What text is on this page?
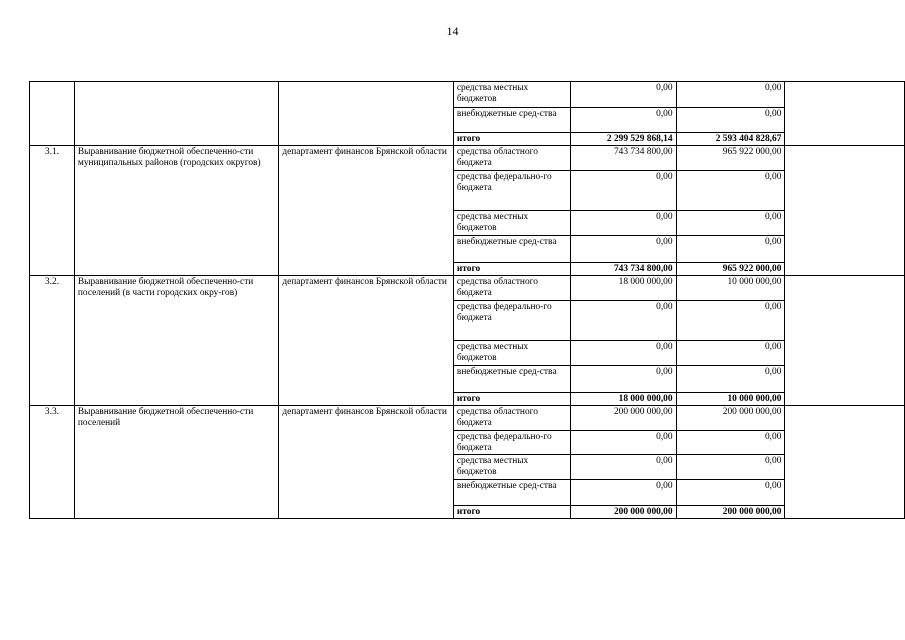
14
			средства местных бюджетов	0,00	0,00	
			внебюджетные сред-ства	0,00	0,00	
			итого	2 299 529 868,14	2 593 404 828,67	
3.1.	Выравнивание бюджетной обеспеченно-сти муниципальных районов (городских округов)	департамент финансов Брянской области	средства областного бюджета	743 734 800,00	965 922 000,00	
			средства федерально-го бюджета	0,00	0,00	
			средства местных бюджетов	0,00	0,00	
			внебюджетные сред-ства	0,00	0,00	
			итого	743 734 800,00	965 922 000,00	
3.2.	Выравнивание бюджетной обеспеченно-сти поселений (в части городских окру-гов)	департамент финансов Брянской области	средства областного бюджета	18 000 000,00	10 000 000,00	
			средства федерально-го бюджета	0,00	0,00	
			средства местных бюджетов	0,00	0,00	
			внебюджетные сред-ства	0,00	0,00	
			итого	18 000 000,00	10 000 000,00	
3.3.	Выравнивание бюджетной обеспеченно-сти поселений	департамент финансов Брянской области	средства областного бюджета	200 000 000,00	200 000 000,00	
			средства федерально-го бюджета	0,00	0,00	
			средства местных бюджетов	0,00	0,00	
			внебюджетные сред-ства	0,00	0,00	
			итого	200 000 000,00	200 000 000,00	
